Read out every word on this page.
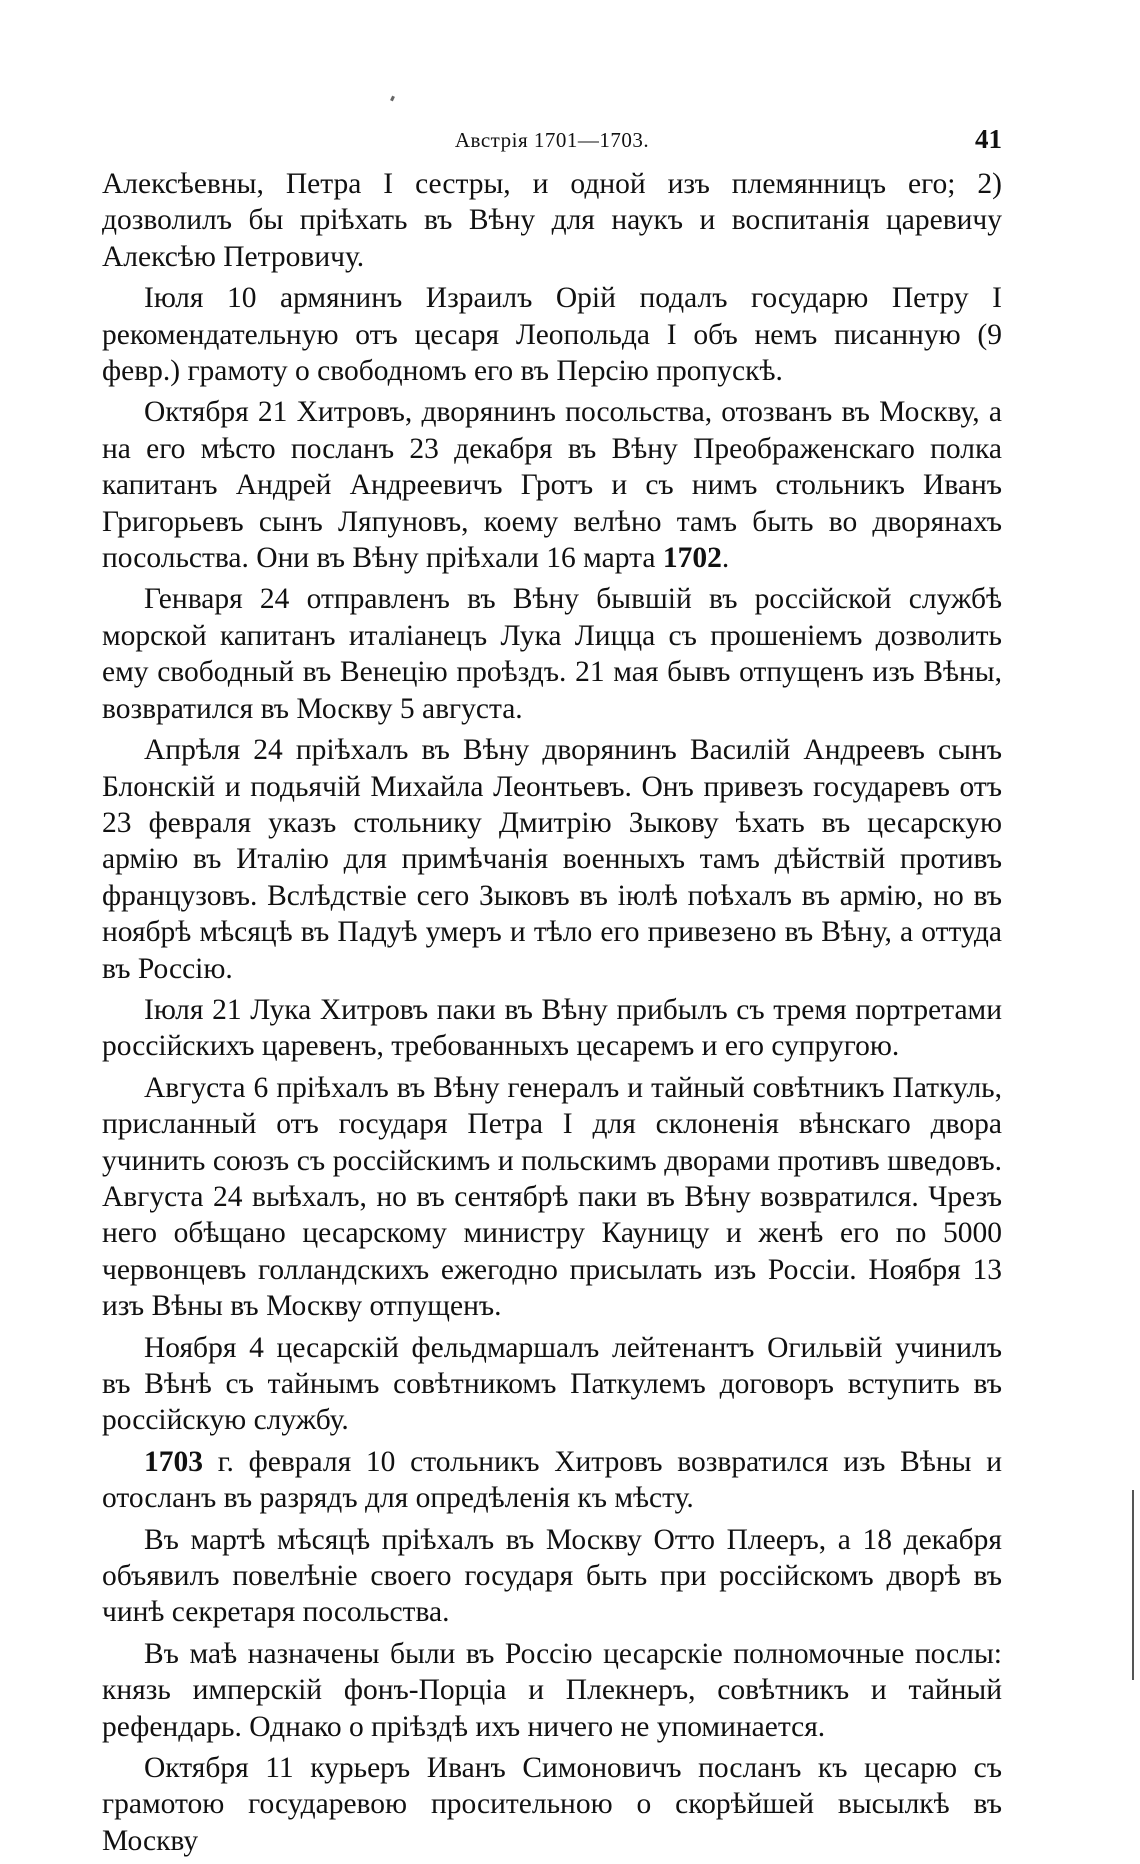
Австрія 1701—1703.	41

Алексѣевны, Петра I сестры, и одной изъ племянницъ его; 2) дозволилъ бы пріѣхать въ Вѣну для наукъ и воспитанія царевичу Алексѣю Петровичу.

Іюля 10 армянинъ Израилъ Орій подалъ государю Петру I рекомендательную отъ цесаря Леопольда I объ немъ писанную (9 февр.) грамоту о свободномъ его въ Персію пропускѣ.

Октября 21 Хитровъ, дворянинъ посольства, отозванъ въ Москву, а на его мѣсто посланъ 23 декабря въ Вѣну Преображенскаго полка капитанъ Андрей Андреевичъ Гротъ и съ нимъ стольникъ Иванъ Григорьевъ сынъ Ляпуновъ, коему велѣно тамъ быть во дворянахъ посольства. Они въ Вѣну пріѣхали 16 марта 1702.

Генваря 24 отправленъ въ Вѣну бывшій въ россійской службѣ морской капитанъ италіанецъ Лука Лицца съ прошеніемъ дозволить ему свободный въ Венецію проѣздъ. 21 мая бывъ отпущенъ изъ Вѣны, возвратился въ Москву 5 августа.

Апрѣля 24 пріѣхалъ въ Вѣну дворянинъ Василій Андреевъ сынъ Блонскій и подьячій Михайла Леонтьевъ. Онъ привезъ государевъ отъ 23 февраля указъ стольнику Дмитрію Зыкову ѣхать въ цесарскую армію въ Италію для примѣчанія военныхъ тамъ дѣйствій противъ французовъ. Вслѣдствіе сего Зыковъ въ іюлѣ поѣхалъ въ армію, но въ ноябрѣ мѣсяцѣ въ Падуѣ умеръ и тѣло его привезено въ Вѣну, а оттуда въ Россію.

Іюля 21 Лука Хитровъ паки въ Вѣну прибылъ съ тремя портретами россійскихъ царевенъ, требованныхъ цесаремъ и его супругою.

Августа 6 пріѣхалъ въ Вѣну генералъ и тайный совѣтникъ Паткуль, присланный отъ государя Петра I для склоненія вѣнскаго двора учинить союзъ съ россійскимъ и польскимъ дворами противъ шведовъ. Августа 24 выѣхалъ, но въ сентябрѣ паки въ Вѣну возвратился. Чрезъ него обѣщано цесарскому министру Кауницу и женѣ его по 5000 червонцевъ голландскихъ ежегодно присылать изъ Россіи. Ноября 13 изъ Вѣны въ Москву отпущенъ.

Ноября 4 цесарскій фельдмаршалъ лейтенантъ Огильвій учинилъ въ Вѣнѣ съ тайнымъ совѣтникомъ Паткулемъ договоръ вступить въ россійскую службу.

1703 г. февраля 10 стольникъ Хитровъ возвратился изъ Вѣны и отосланъ въ разрядъ для опредѣленія къ мѣсту.

Въ мартѣ мѣсяцѣ пріѣхалъ въ Москву Отто Плееръ, а 18 декабря объявилъ повелѣніе своего государя быть при россійскомъ дворѣ въ чинѣ секретаря посольства.

Въ маѣ назначены были въ Россію цесарскіе полномочные послы: князь имперскій фонъ-Порціа и Плекнеръ, совѣтникъ и тайный рефендарь. Однако о пріѣздѣ ихъ ничего не упоминается.

Октября 11 курьеръ Иванъ Симоновичъ посланъ къ цесарю съ грамотою государевою просительною о скорѣйшей высылкѣ въ Москву
